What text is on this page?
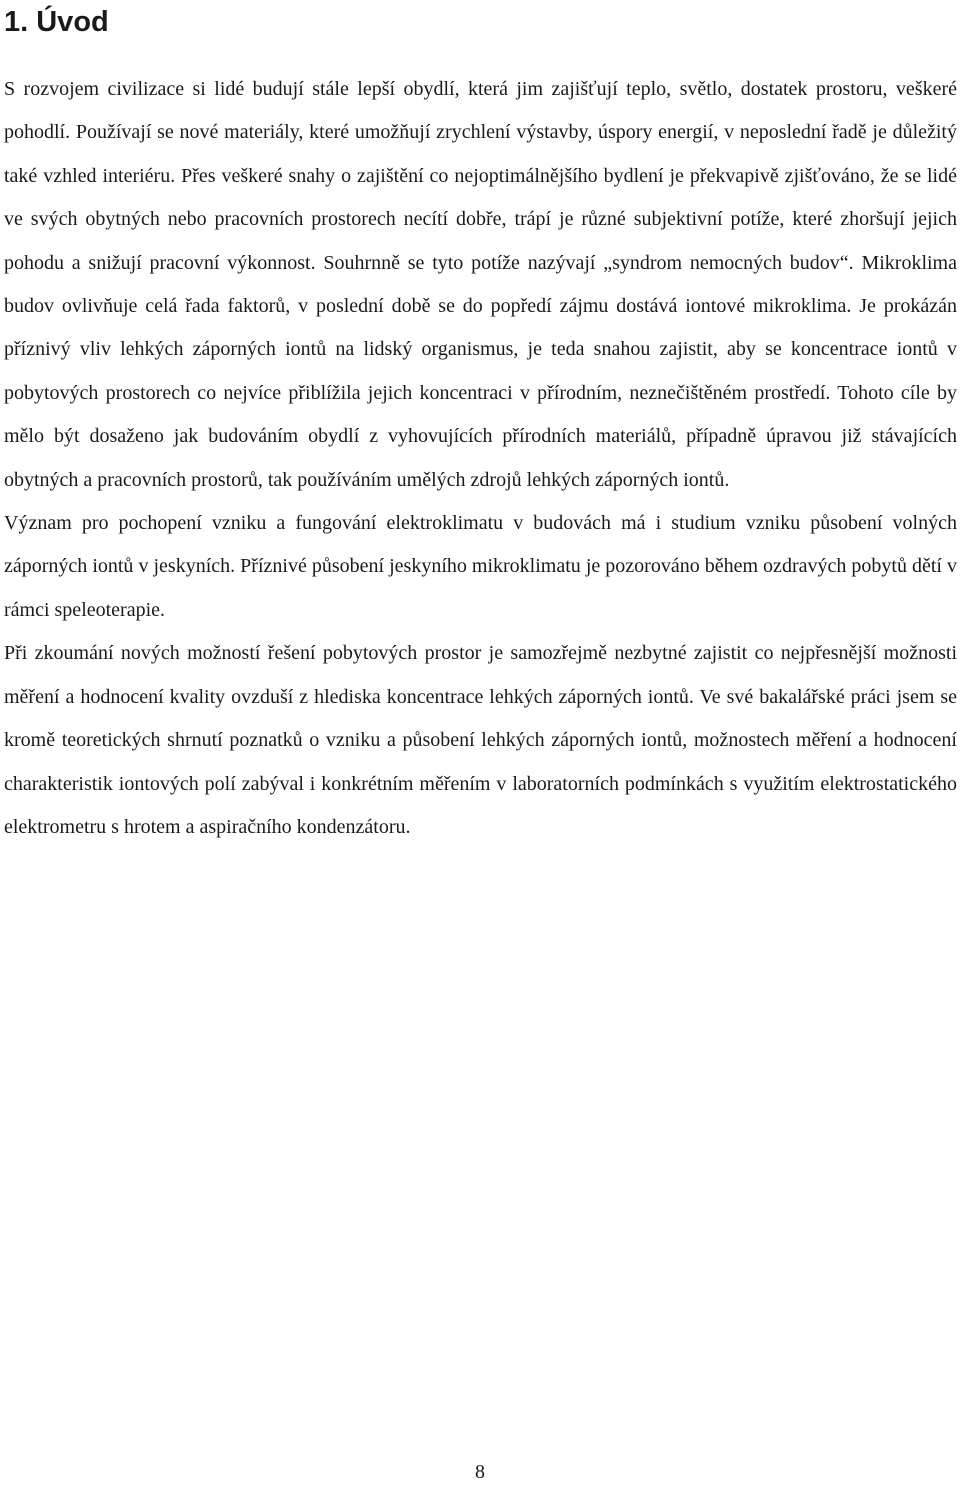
1. Úvod

S rozvojem civilizace si lidé budují stále lepší obydlí, která jim zajišťují teplo, světlo, dostatek prostoru, veškeré pohodlí. Používají se nové materiály, které umožňují zrychlení výstavby, úspory energií, v neposlední řadě je důležitý také vzhled interiéru. Přes veškeré snahy o zajištění co nejoptimálnějšího bydlení je překvapivě zjišťováno, že se lidé ve svých obytných nebo pracovních prostorech necítí dobře, trápí je různé subjektivní potíže, které zhoršují jejich pohodu a snižují pracovní výkonnost. Souhrnně se tyto potíže nazývají „syndrom nemocných budov“. Mikroklima budov ovlivňuje celá řada faktorů, v poslední době se do popředí zájmu dostává iontové mikroklima. Je prokázán příznivý vliv lehkých záporných iontů na lidský organismus, je teda snahou zajistit, aby se koncentrace iontů v pobytových prostorech co nejvíce přiblížila jejich koncentraci v přírodním, neznečištěném prostředí. Tohoto cíle by mělo být dosaženo jak budováním obydlí z vyhovujících přírodních materiálů, případně úpravou již stávajících obytných a pracovních prostorů, tak používáním umělých zdrojů lehkých záporných iontů.

Význam pro pochopení vzniku a fungování elektroklimatu v budovách má i studium vzniku působení volných záporných iontů v jeskyních. Příznivé působení jeskyního mikroklimatu je pozorováno během ozdravých pobytů dětí v rámci speleoterapie.

Při zkoumání nových možností řešení pobytových prostor je samozřejmě nezbytné zajistit co nejpřesnější možnosti měření a hodnocení kvality ovzduší z hlediska koncentrace lehkých záporných iontů. Ve své bakalářské práci jsem se kromě teoretických shrnutí poznatků o vzniku a působení lehkých záporných iontů, možnostech měření a hodnocení charakteristik iontových polí zabýval i konkrétním měřením v laboratorních podmínkách s využitím elektrostatického elektrometru s hrotem a aspiračního kondenzátoru.

8
